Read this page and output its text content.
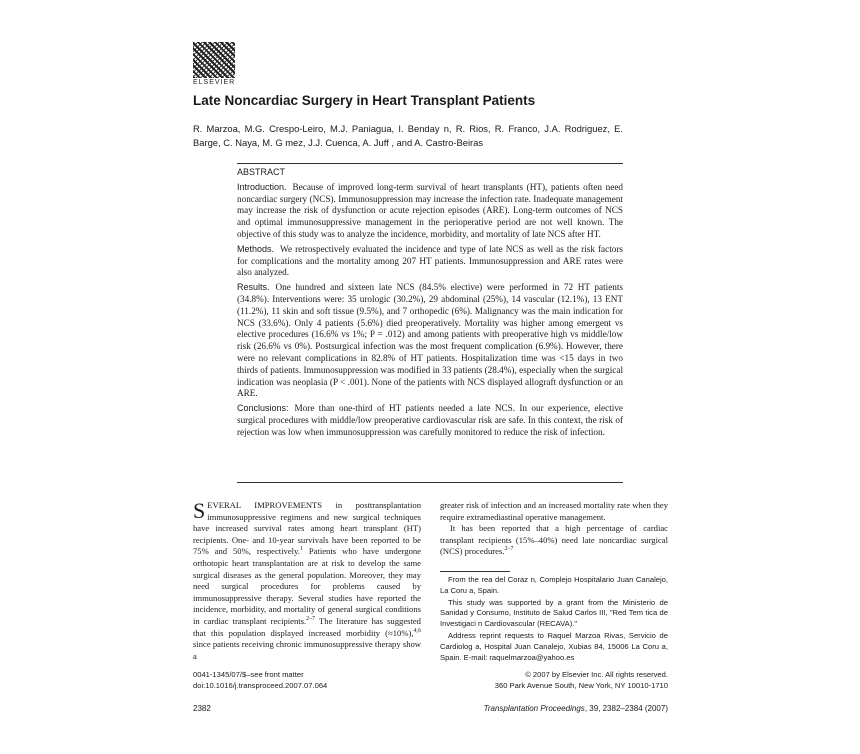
ELSEVIER
Late Noncardiac Surgery in Heart Transplant Patients
R. Marzoa, M.G. Crespo-Leiro, M.J. Paniagua, I. Benday n, R. Rios, R. Franco, J.A. Rodriguez, E. Barge, C. Naya, M. G mez, J.J. Cuenca, A. Juff , and A. Castro-Beiras
ABSTRACT

Introduction. Because of improved long-term survival of heart transplants (HT), patients often need noncardiac surgery (NCS). Immunosuppression may increase the infection rate. Inadequate management may increase the risk of dysfunction or acute rejection episodes (ARE). Long-term outcomes of NCS and optimal immunosuppressive management in the perioperative period are not well known. The objective of this study was to analyze the incidence, morbidity, and mortality of late NCS after HT.

Methods. We retrospectively evaluated the incidence and type of late NCS as well as the risk factors for complications and the mortality among 207 HT patients. Immunosuppression and ARE rates were also analyzed.

Results. One hundred and sixteen late NCS (84.5% elective) were performed in 72 HT patients (34.8%). Interventions were: 35 urologic (30.2%), 29 abdominal (25%), 14 vascular (12.1%), 13 ENT (11.2%), 11 skin and soft tissue (9.5%), and 7 orthopedic (6%). Malignancy was the main indication for NCS (33.6%). Only 4 patients (5.6%) died preoperatively. Mortality was higher among emergent vs elective procedures (16.6% vs 1%; P = .012) and among patients with preoperative high vs middle/low risk (26.6% vs 0%). Postsurgical infection was the most frequent complication (6.9%). However, there were no relevant complications in 82.8% of HT patients. Hospitalization time was <15 days in two thirds of patients. Immunosuppression was modified in 33 patients (28.4%), especially when the surgical indication was neoplasia (P < .001). None of the patients with NCS displayed allograft dysfunction or an ARE.

Conclusions: More than one-third of HT patients needed a late NCS. In our experience, elective surgical procedures with middle/low preoperative cardiovascular risk are safe. In this context, the risk of rejection was low when immunosuppression was carefully monitored to reduce the risk of infection.

SEVERAL IMPROVEMENTS in posttransplantation immunosuppressive regimens and new surgical techniques have increased survival rates among heart transplant (HT) recipients. One- and 10-year survivals have been reported to be 75% and 50%, respectively.$^1$ Patients who have undergone orthotopic heart transplantation are at risk to develop the same surgical diseases as the general population. Moreover, they may need surgical procedures for problems caused by immunosuppressive therapy. Several studies have reported the incidence, morbidity, and mortality of general surgical conditions in cardiac transplant recipients.$^{2-7}$ The literature has suggested that this population displayed increased morbidity (≈10%),$^{4,6}$ since patients receiving chronic immunosuppressive therapy show a

greater risk of infection and an increased mortality rate when they require extramediastinal operative management.

It has been reported that a high percentage of cardiac transplant recipients (15%–40%) need late noncardiac surgical (NCS) procedures.$^{2-7}$

From the rea del Coraz n, Complejo Hospitalario Juan Canalejo, La Coru a, Spain.

This study was supported by a grant from the Ministerio de Sanidad y Consumo, Instituto de Salud Carlos III, "Red Tem tica de Investigaci n Cardiovascular (RECAVA)."

Address reprint requests to Raquel Marzoa Rivas, Servicio de Cardiolog a, Hospital Juan Canalejo, Xubias 84, 15006 La Coru a, Spain. E-mail: raquelmarzoa@yahoo.es

0041-1345/07/$–see front matter
doi:10.1016/j.transproceed.2007.07.064
© 2007 by Elsevier Inc. All rights reserved.
360 Park Avenue South, New York, NY 10010-1710
2382	Transplantation Proceedings, 39, 2382–2384 (2007)
